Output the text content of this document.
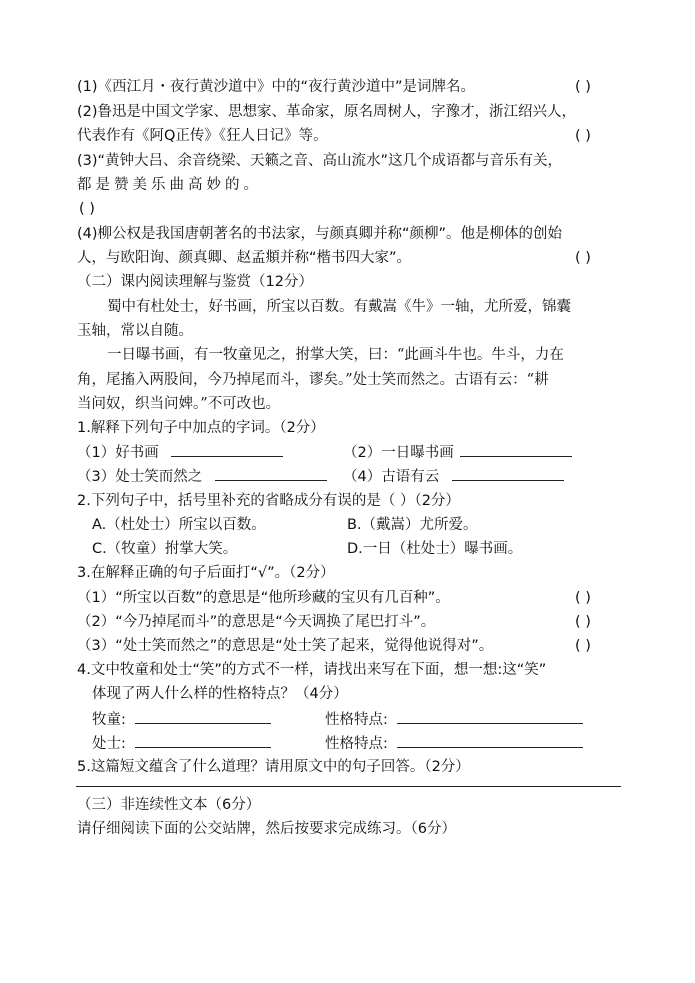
(1)《西江月・夜行黄沙道中》中的“夜行黄沙道中”是词牌名。	( )
(2)鲁迅是中国文学家、思想家、革命家，原名周树人，字豫才，浙江绍兴人，
代表作有《阿Q正传》《狂人日记》等。	( )
(3)“黄钟大吕、余音绕梁、天籁之音、高山流水”这几个成语都与音乐有关，
都是赞美乐曲高妙的。
( )
(4)柳公权是我国唐朝著名的书法家，与颜真卿并称“颜柳”。他是柳体的创始
人，与欧阳询、颜真卿、赵孟頫并称“楷书四大家”。	( )
（二）课内阅读理解与鉴赏（12分）
蜀中有杜处士，好书画，所宝以百数。有戴嵩《牛》一轴，尤所爱，锦囊
玉轴，常以自随。
一日曝书画，有一牧童见之，拊掌大笑，曰：“此画斗牛也。牛斗，力在
角，尾搐入两股间，今乃掉尾而斗，谬矣。”处士笑而然之。古语有云：“耕
当问奴，织当问婢。”不可改也。
1.解释下列句子中加点的字词。（2分）
（1）好书画	（2）一日曝书画
（3）处士笑而然之	（4）古语有云
2.下列句子中，括号里补充的省略成分有误的是（ ）（2分）
A.（杜处士）所宝以百数。	B.（戴嵩）尤所爱。
C.（牧童）拊掌大笑。	D.一日（杜处士）曝书画。
3.在解释正确的句子后面打“√”。（2分）
（1）“所宝以百数”的意思是“他所珍藏的宝贝有几百种”。	( )
（2）“今乃掉尾而斗”的意思是“今天调换了尾巴打斗”。	( )
（3）“处士笑而然之”的意思是“处士笑了起来，觉得他说得对”。	( )
4.文中牧童和处士“笑”的方式不一样，请找出来写在下面，想一想:这“笑”
体现了两人什么样的性格特点？（4分）
牧童:	性格特点:
处士:	性格特点:
5.这篇短文蕴含了什么道理？请用原文中的句子回答。（2分）
（三）非连续性文本（6分）
请仔细阅读下面的公交站牌，然后按要求完成练习。（6分）
